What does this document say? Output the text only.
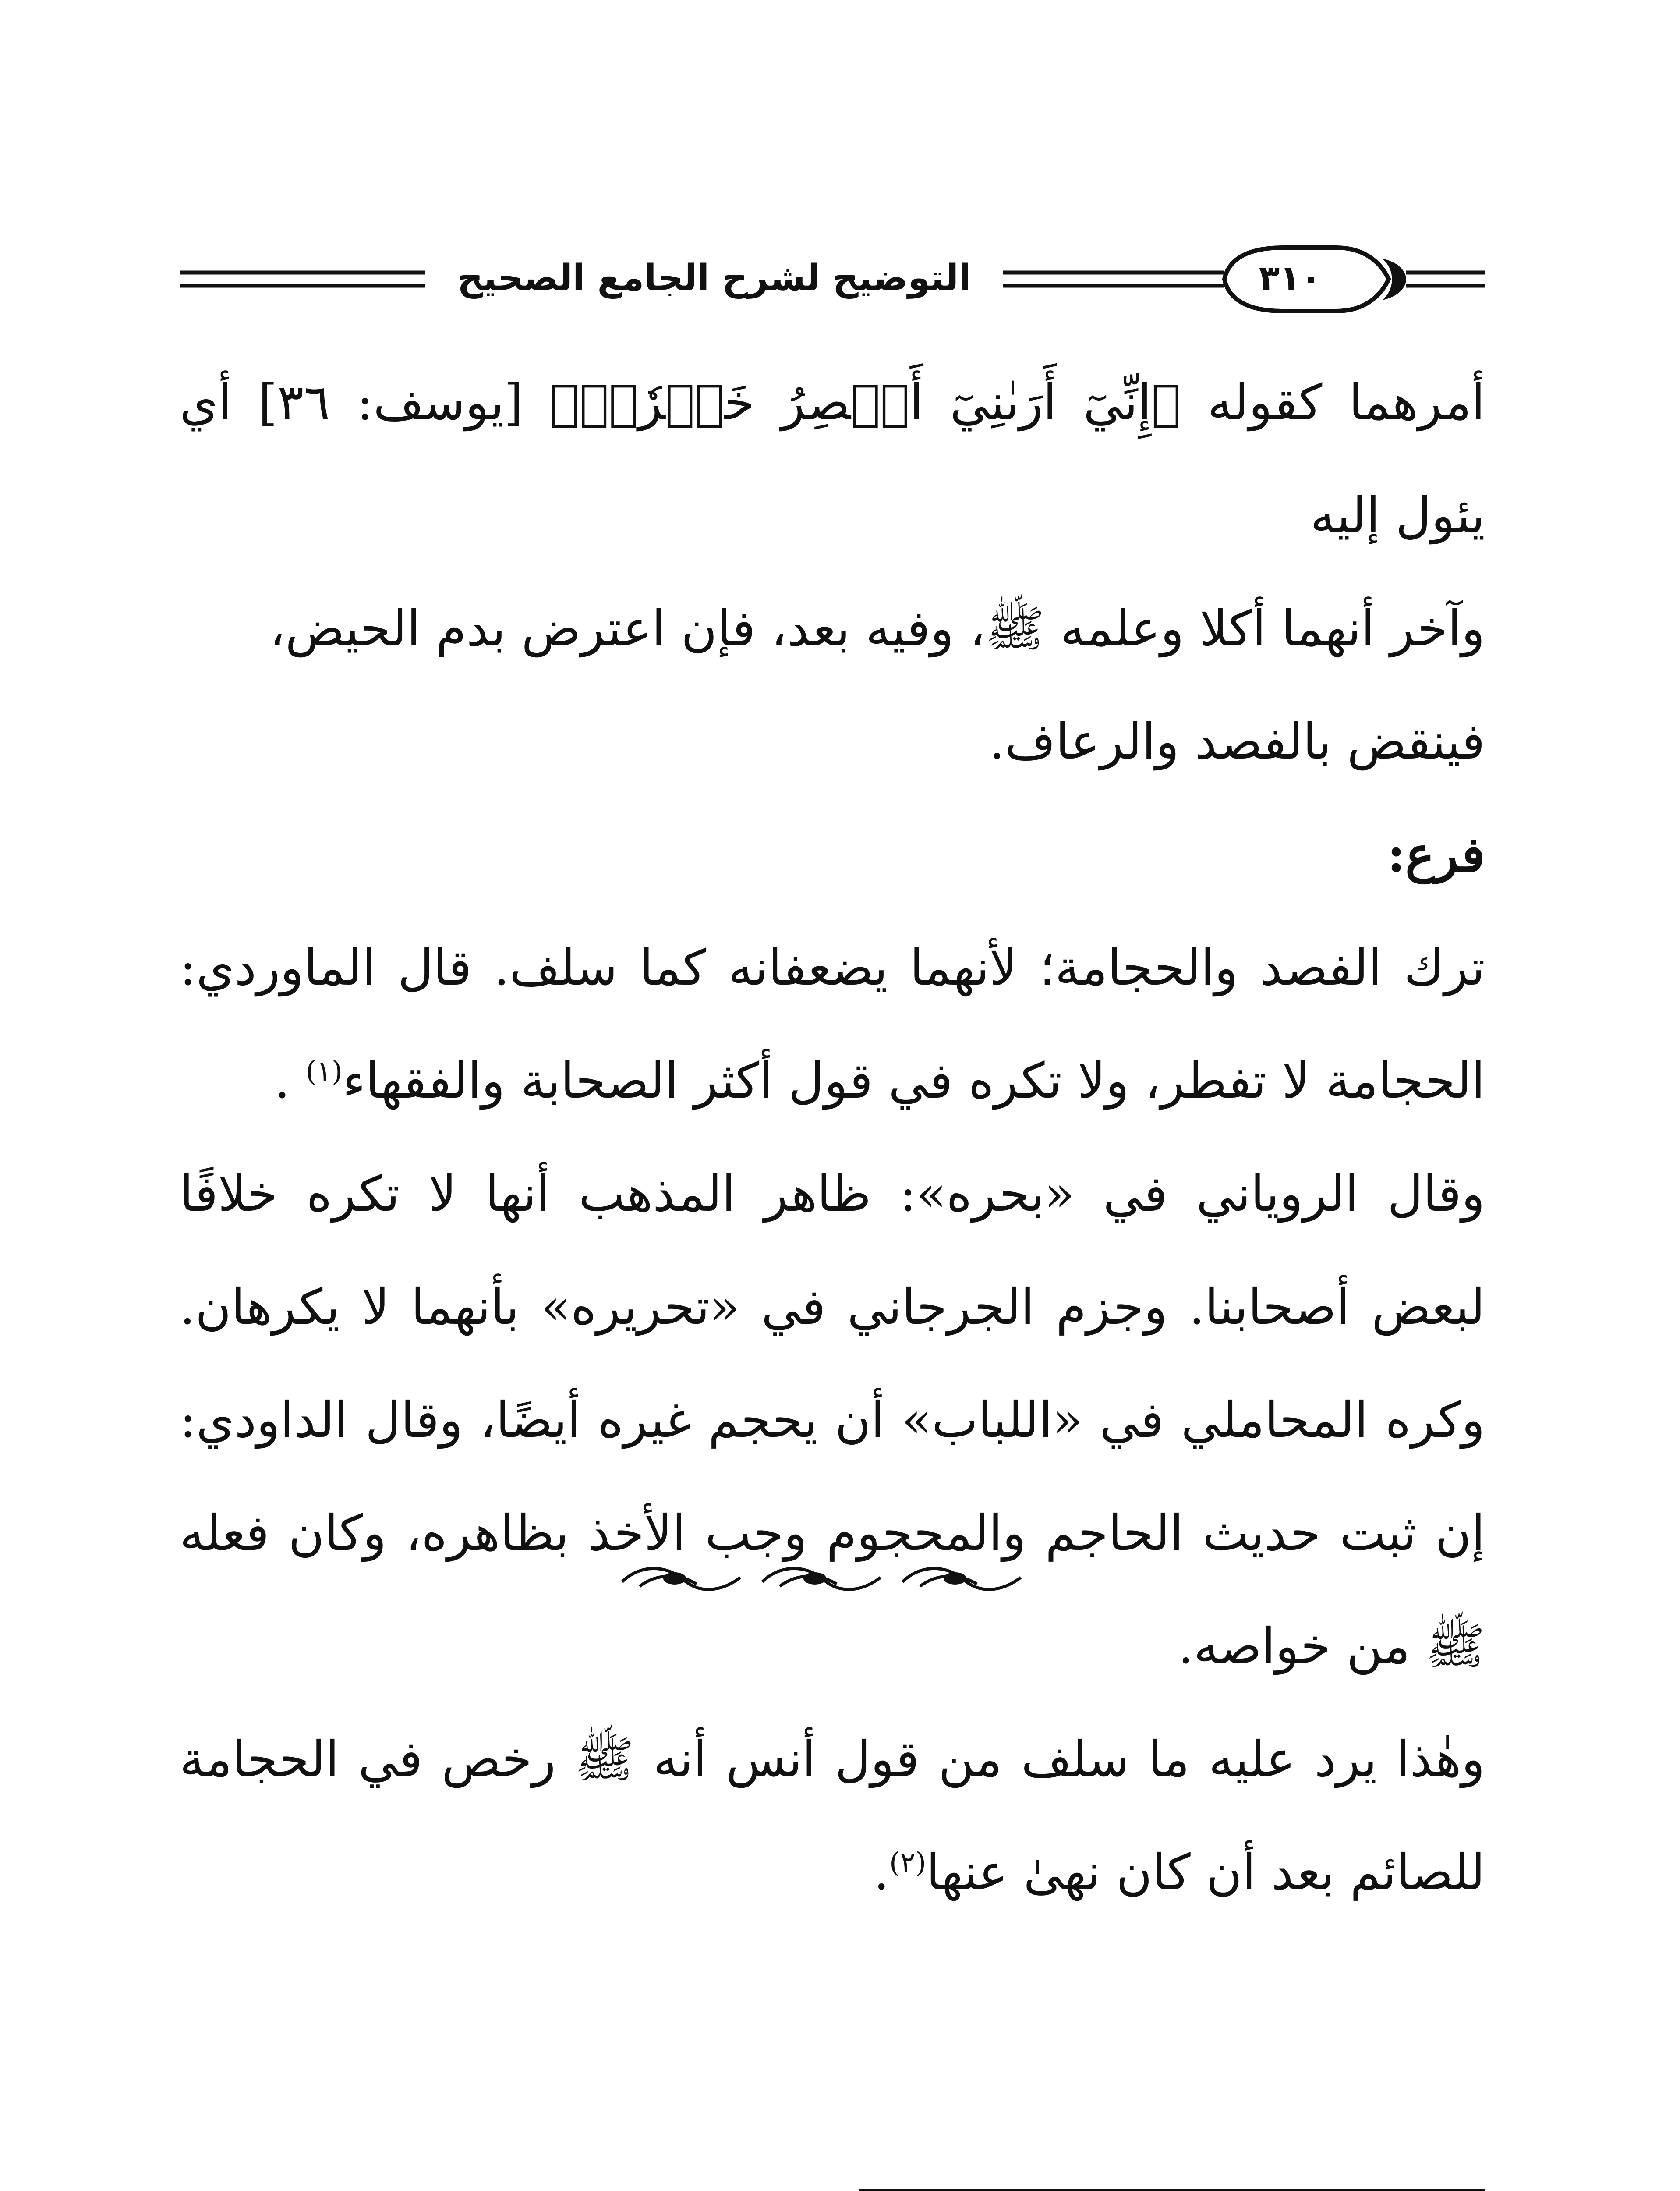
التوضيح لشرح الجامع الصحيح	٣١٠

أمرهما كقوله ﴿إِنِّيٓ أَرَىٰنِيٓ أَعۡصِرُ خَمۡرٗاۖ﴾ [يوسف: ٣٦] أي يئول إليه

وآخر أنهما أكلا وعلمه ﷺ، وفيه بعد، فإن اعترض بدم الحيض،

فينقض بالفصد والرعاف.

فرع:

ترك الفصد والحجامة؛ لأنهما يضعفانه كما سلف. قال الماوردي: الحجامة لا تفطر، ولا تكره في قول أكثر الصحابة والفقهاء$^{(١)}$ .

وقال الروياني في «بحره»: ظاهر المذهب أنها لا تكره خلافًا لبعض أصحابنا. وجزم الجرجاني في «تحريره» بأنهما لا يكرهان. وكره المحاملي في «اللباب» أن يحجم غيره أيضًا، وقال الداودي: إن ثبت حديث الحاجم والمحجوم وجب الأخذ بظاهره، وكان فعله ﷺ من خواصه.

وهٰذا يرد عليه ما سلف من قول أنس أنه ﷺ رخص في الحجامة للصائم بعد أن كان نهىٰ عنها$^{(٢)}$.
